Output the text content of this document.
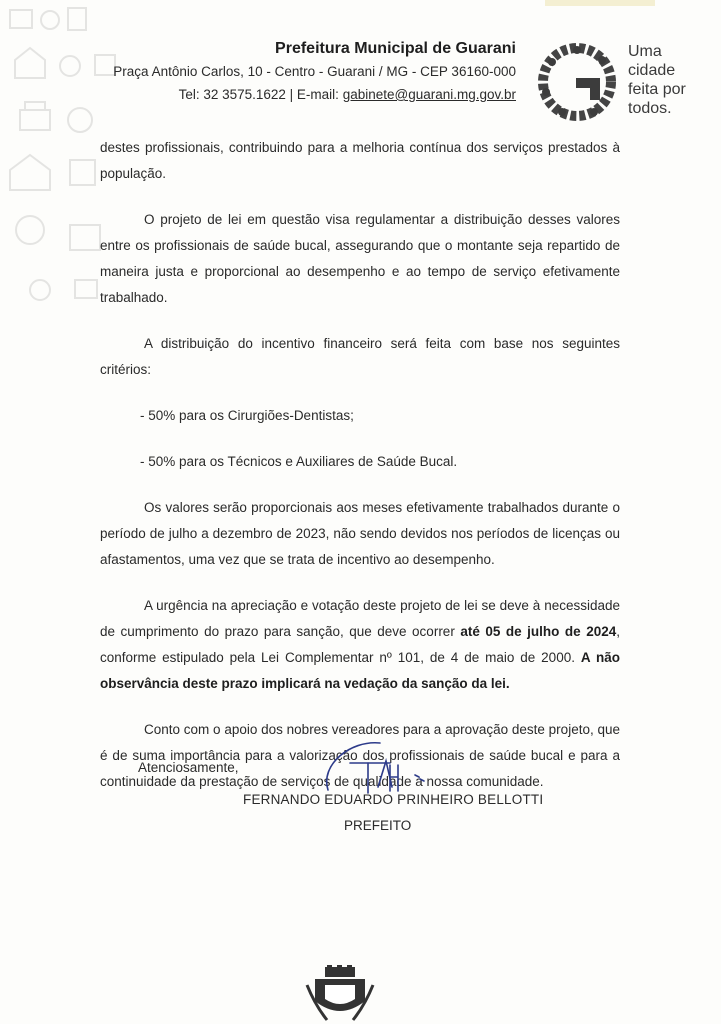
Prefeitura Municipal de Guarani
Praça Antônio Carlos, 10 - Centro - Guarani / MG - CEP 36160-000
Tel: 32 3575.1622 | E-mail: gabinete@guarani.mg.gov.br
Uma
cidade
feita por
todos.

destes profissionais, contribuindo para a melhoria contínua dos serviços prestados à população.

O projeto de lei em questão visa regulamentar a distribuição desses valores entre os profissionais de saúde bucal, assegurando que o montante seja repartido de maneira justa e proporcional ao desempenho e ao tempo de serviço efetivamente trabalhado.

A distribuição do incentivo financeiro será feita com base nos seguintes critérios:

- 50% para os Cirurgiões-Dentistas;

- 50% para os Técnicos e Auxiliares de Saúde Bucal.

Os valores serão proporcionais aos meses efetivamente trabalhados durante o período de julho a dezembro de 2023, não sendo devidos nos períodos de licenças ou afastamentos, uma vez que se trata de incentivo ao desempenho.

A urgência na apreciação e votação deste projeto de lei se deve à necessidade de cumprimento do prazo para sanção, que deve ocorrer até 05 de julho de 2024, conforme estipulado pela Lei Complementar nº 101, de 4 de maio de 2000. A não observância deste prazo implicará na vedação da sanção da lei.

Conto com o apoio dos nobres vereadores para a aprovação deste projeto, que é de suma importância para a valorização dos profissionais de saúde bucal e para a continuidade da prestação de serviços de qualidade à nossa comunidade.

Atenciosamente,
FERNANDO EDUARDO PRINHEIRO BELLOTTI
PREFEITO
